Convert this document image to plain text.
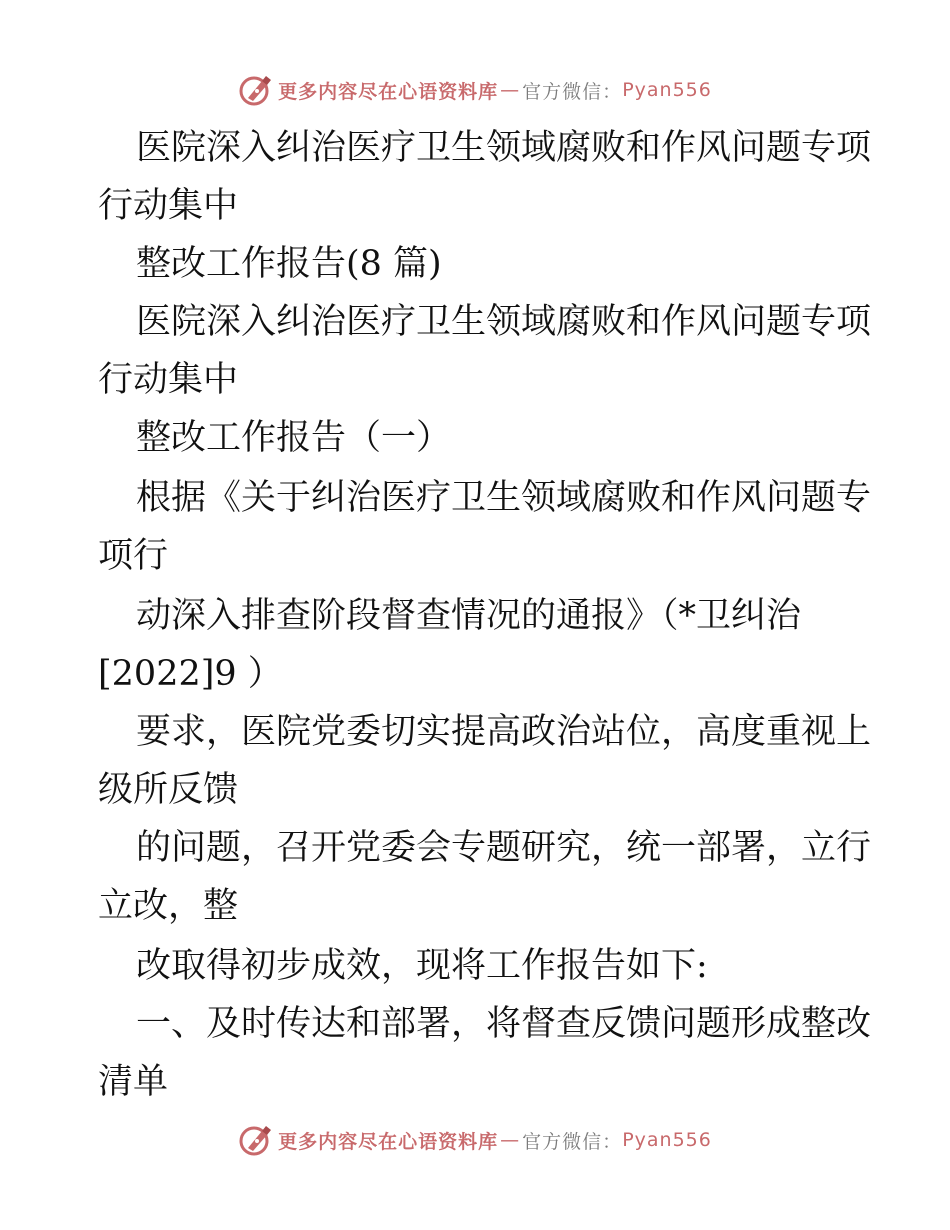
更多内容尽在心语资料库 — 官方微信： Pyan556
医院深入纠治医疗卫生领域腐败和作风问题专项
行动集中
整改工作报告(8 篇)
医院深入纠治医疗卫生领域腐败和作风问题专项
行动集中
整改工作报告（一）
根据《关于纠治医疗卫生领域腐败和作风问题专
项行
动深入排查阶段督查情况的通报》（*卫纠治
[2022]9 ）
要求，医院党委切实提高政治站位，高度重视上
级所反馈
的问题，召开党委会专题研究，统一部署，立行
立改，整
改取得初步成效，现将工作报告如下:
一、及时传达和部署，将督查反馈问题形成整改
清单
更多内容尽在心语资料库 — 官方微信： Pyan556
